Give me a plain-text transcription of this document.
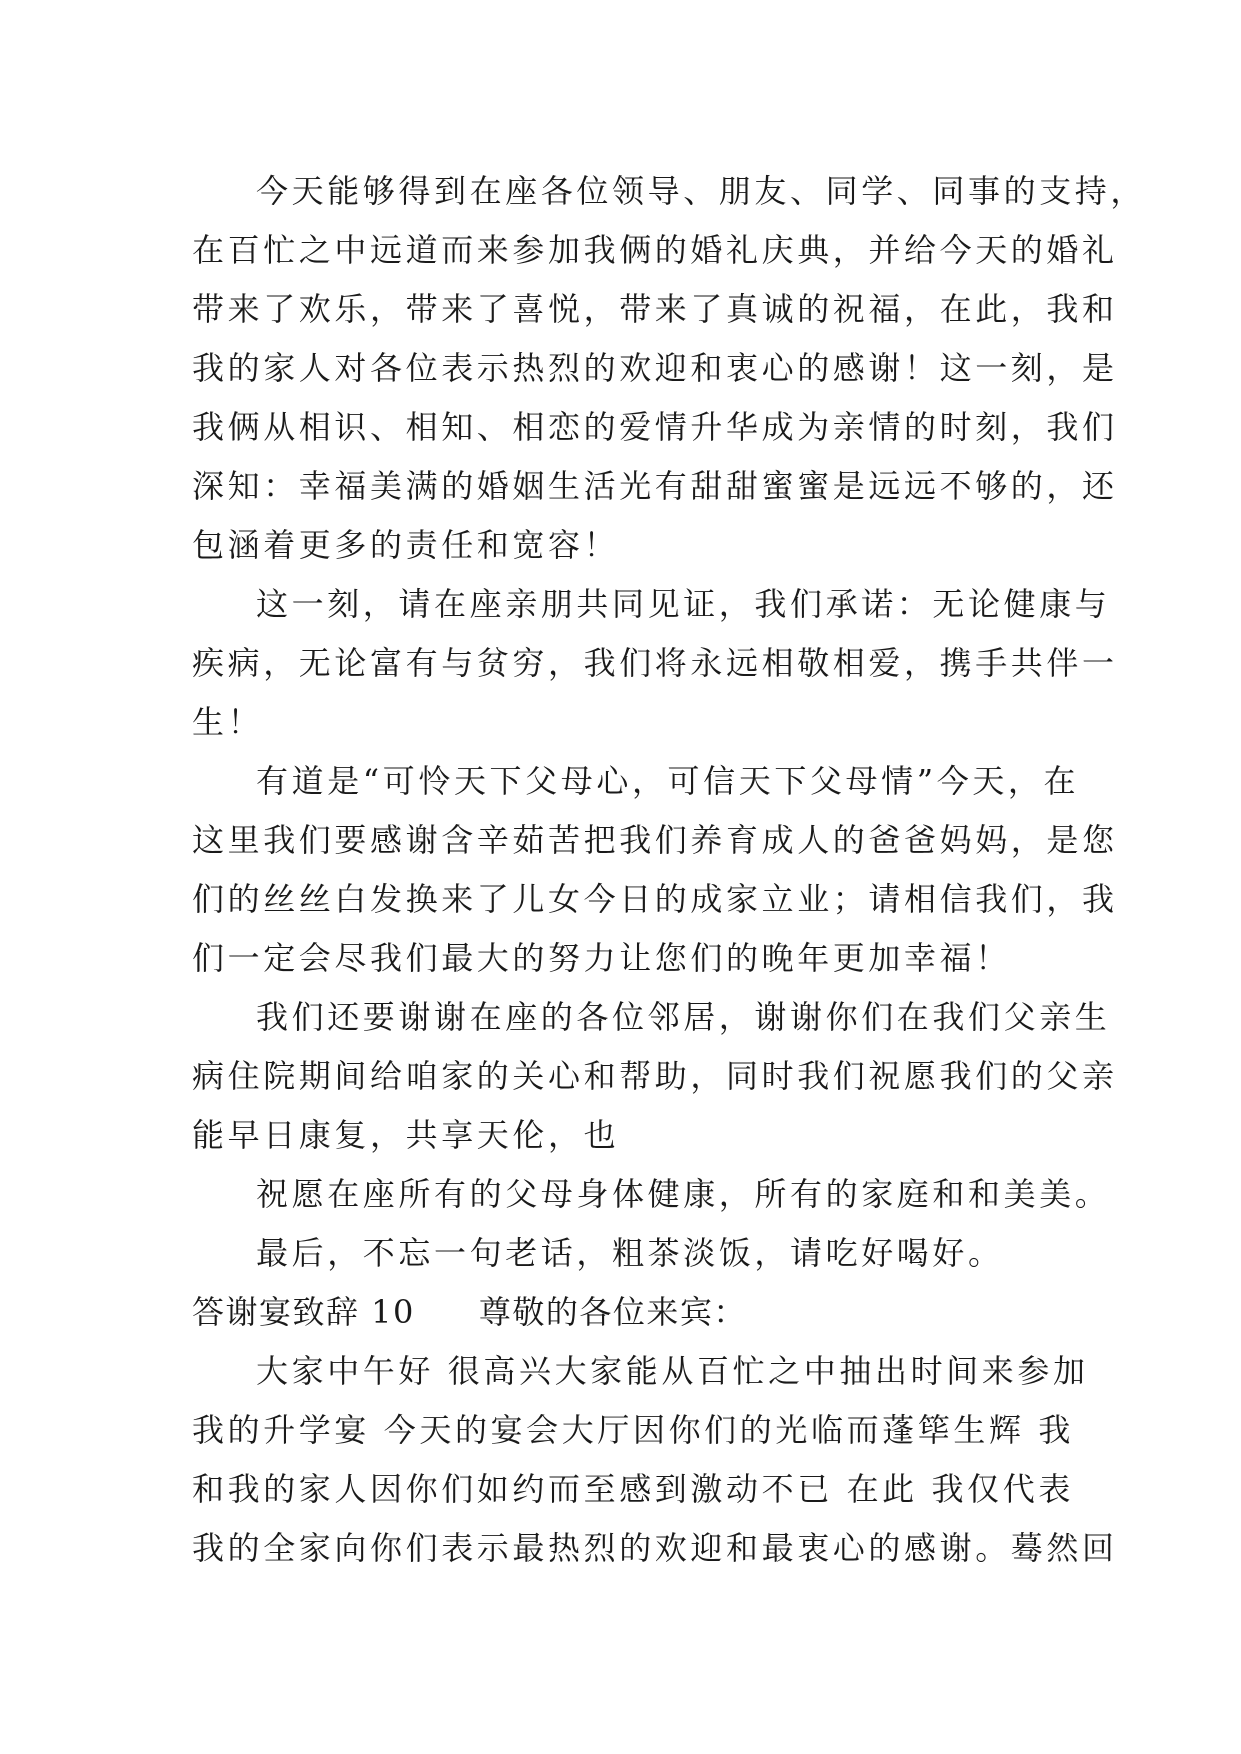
今天能够得到在座各位领导、朋友、同学、同事的支持，
在百忙之中远道而来参加我俩的婚礼庆典，并给今天的婚礼
带来了欢乐，带来了喜悦，带来了真诚的祝福，在此，我和
我的家人对各位表示热烈的欢迎和衷心的感谢！这一刻，是
我俩从相识、相知、相恋的爱情升华成为亲情的时刻，我们
深知：幸福美满的婚姻生活光有甜甜蜜蜜是远远不够的，还
包涵着更多的责任和宽容！
这一刻，请在座亲朋共同见证，我们承诺：无论健康与
疾病，无论富有与贫穷，我们将永远相敬相爱，携手共伴一
生！
有道是“可怜天下父母心，可信天下父母情”今天，在
这里我们要感谢含辛茹苦把我们养育成人的爸爸妈妈，是您
们的丝丝白发换来了儿女今日的成家立业；请相信我们，我
们一定会尽我们最大的努力让您们的晚年更加幸福！
我们还要谢谢在座的各位邻居，谢谢你们在我们父亲生
病住院期间给咱家的关心和帮助，同时我们祝愿我们的父亲
能早日康复，共享天伦，也
祝愿在座所有的父母身体健康，所有的家庭和和美美。
最后，不忘一句老话，粗茶淡饭，请吃好喝好。
答谢宴致辞 10 尊敬的各位来宾：
大家中午好 很高兴大家能从百忙之中抽出时间来参加
我的升学宴 今天的宴会大厅因你们的光临而蓬筚生辉 我
和我的家人因你们如约而至感到激动不已 在此 我仅代表
我的全家向你们表示最热烈的欢迎和最衷心的感谢。蓦然回
